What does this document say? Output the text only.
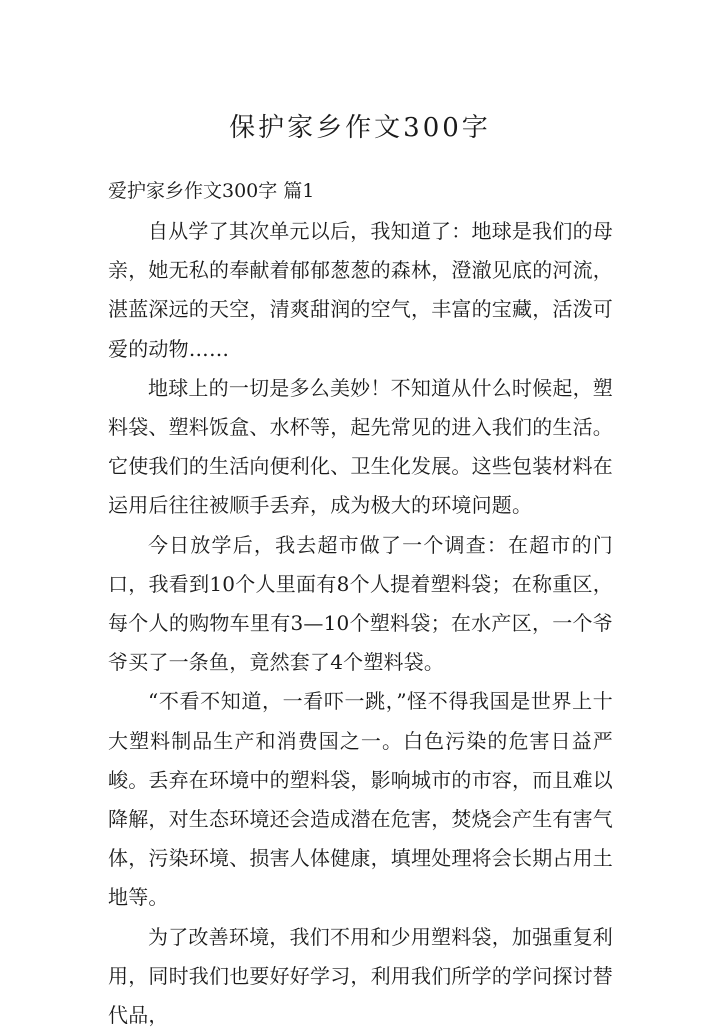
保护家乡作文300字
爱护家乡作文300字 篇1

自从学了其次单元以后，我知道了：地球是我们的母亲，她无私的奉献着郁郁葱葱的森林，澄澈见底的河流，湛蓝深远的天空，清爽甜润的空气，丰富的宝藏，活泼可爱的动物……

地球上的一切是多么美妙！不知道从什么时候起，塑料袋、塑料饭盒、水杯等，起先常见的进入我们的生活。它使我们的生活向便利化、卫生化发展。这些包装材料在运用后往往被顺手丢弃，成为极大的环境问题。

今日放学后，我去超市做了一个调查：在超市的门口，我看到10个人里面有8个人提着塑料袋；在称重区，每个人的购物车里有3—10个塑料袋；在水产区，一个爷爷买了一条鱼，竟然套了4个塑料袋。

“不看不知道，一看吓一跳，”怪不得我国是世界上十大塑料制品生产和消费国之一。白色污染的危害日益严峻。丢弃在环境中的塑料袋，影响城市的市容，而且难以降解，对生态环境还会造成潜在危害，焚烧会产生有害气体，污染环境、损害人体健康，填埋处理将会长期占用土地等。

为了改善环境，我们不用和少用塑料袋，加强重复利用，同时我们也要好好学习，利用我们所学的学问探讨替代品，
